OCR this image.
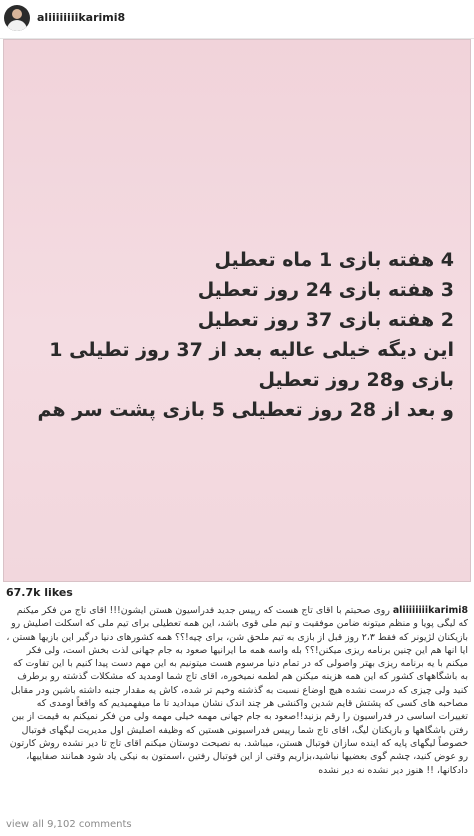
aliiiiiiiikarimi8
4 هفته بازی 1 ماه تعطیل
3 هفته بازی 24 روز تعطیل
2 هفته بازی 37 روز تعطیل
این دیگه خیلی عالیه بعد از 37 روز تطیلی 1 بازی و28 روز تعطیل
و بعد از 28 روز تعطیلی 5 بازی پشت سر هم
67.7k likes
aliiiiiiiikarimi8 روی صحبتم با اقای تاج هست که رییس جدید فدراسیون هستن ایشون!!! اقای تاج من فکر میکنم که لیگی پویا و منظم میتونه ضامن موفقیت و تیم ملی قوی باشد، این همه تعطیلی برای تیم ملی که اسکلت اصلیش رو بازیکنان لژیونر که فقط ۲،۳ روز قبل از بازی به تیم ملحق شن، برای چیه!؟؟ همه کشورهای دنیا درگیر این بازیها هستن ، ایا انها هم این چنین برنامه ریزی میکنن!؟؟ بله واسه همه ما ایرانیها صعود به جام جهانی لذت بخش است، ولی فکر میکنم با یه برنامه ریزی بهتر واصولی که در تمام دنیا مرسوم هست میتونیم به این مهم دست پیدا کنیم با این تفاوت که به باشگاههای کشور که این همه هزینه میکنن هم لطمه نمیخوره، اقای تاج شما اومدید که مشکلات گذشته رو برطرف کنید ولی چیزی که درست نشده هیچ اوضاع نسبت به گذشته وخیم تر شده، کاش یه مقدار جنبه داشته باشین ودر مقابل مصاحبه های کسی که پشتش قایم شدین واکنشی هر چند اندک نشان میدادید تا ما میفهمیدیم که واقعاً اومدی که تغییرات اساسی در فدراسیون را رقم بزنید!!صعود به جام جهانی مهمه خیلی مهمه ولی من فکر نمیکنم به قیمت از بین رفتن باشگاهها و بازیکنان لیگ، اقای تاج شما رییس فدراسیونی هستین که وظیفه اصلیش اول مدیریت لیگهای فوتبال خصوصاً لیگهای پایه که اینده سازان فوتبال هستن، میباشد. به نصیحت دوستان میکنم اقای تاج تا دیر نشده روش کارتون رو عوض کنید، چشم گوی بعضیها نباشید،بزاریم وقتی از این فوتبال رفتین ،اسمتون به نیکی یاد شود همانند صفاییها، دادکانها، !! هنوز دیر نشده نه دیر نشده
view all 9,102 comments
